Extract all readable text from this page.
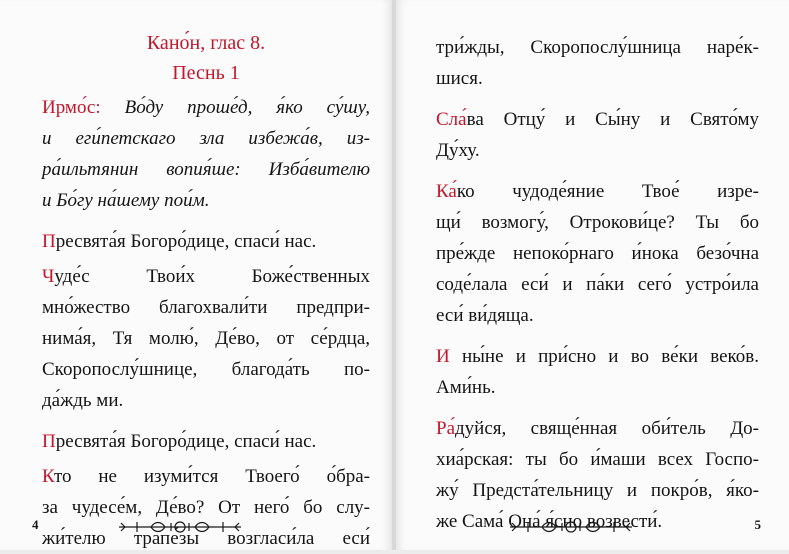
Кано́н, глас 8.
Песнь 1
Ирмо́с: Во́ду проше́д, я́ко су́шу,
и еги́петскаго зла избежа́в, из-
ра́ильтянин вопия́ше: Изба́вителю
и Бо́гу на́шему пои́м.
Пресвята́я Богоро́дице, спаси́ нас.
Чуде́с Твои́х Боже́ственных
мно́жество благохвали́ти предпри-
нима́я, Тя молю́, Де́во, от се́рдца,
Скоропослу́шнице, благода́ть по-
да́ждь ми.
Пресвята́я Богоро́дице, спаси́ нас.
Кто не изуми́тся Твоего́ о́бра-
за чудесе́м, Де́во? От него́ бо слу-
жи́телю трапе́зы возгласи́ла еси́
4
три́жды, Скоропослу́шница наре́к-
шися.
Сла́ва Отцу́ и Сы́ну и Свято́му
Ду́ху.
Ка́ко чудоде́яние Твое́ изре-
щи́ возмогу́, Отрокови́це? Ты бо
пре́жде непоко́рнаго и́нока безо́чна
соде́лала еси́ и па́ки сего́ устро́ила
еси́ ви́дяща.
И ны́не и при́сно и во ве́ки веко́в.
Ами́нь.
Ра́дуйся, свяще́нная оби́тель До-
хиа́рская: ты бо и́маши всех Госпо-
жу́ Предста́тельницу и покро́в, я́ко-
же Сама́ Она́ я́сно возвести́.	5
